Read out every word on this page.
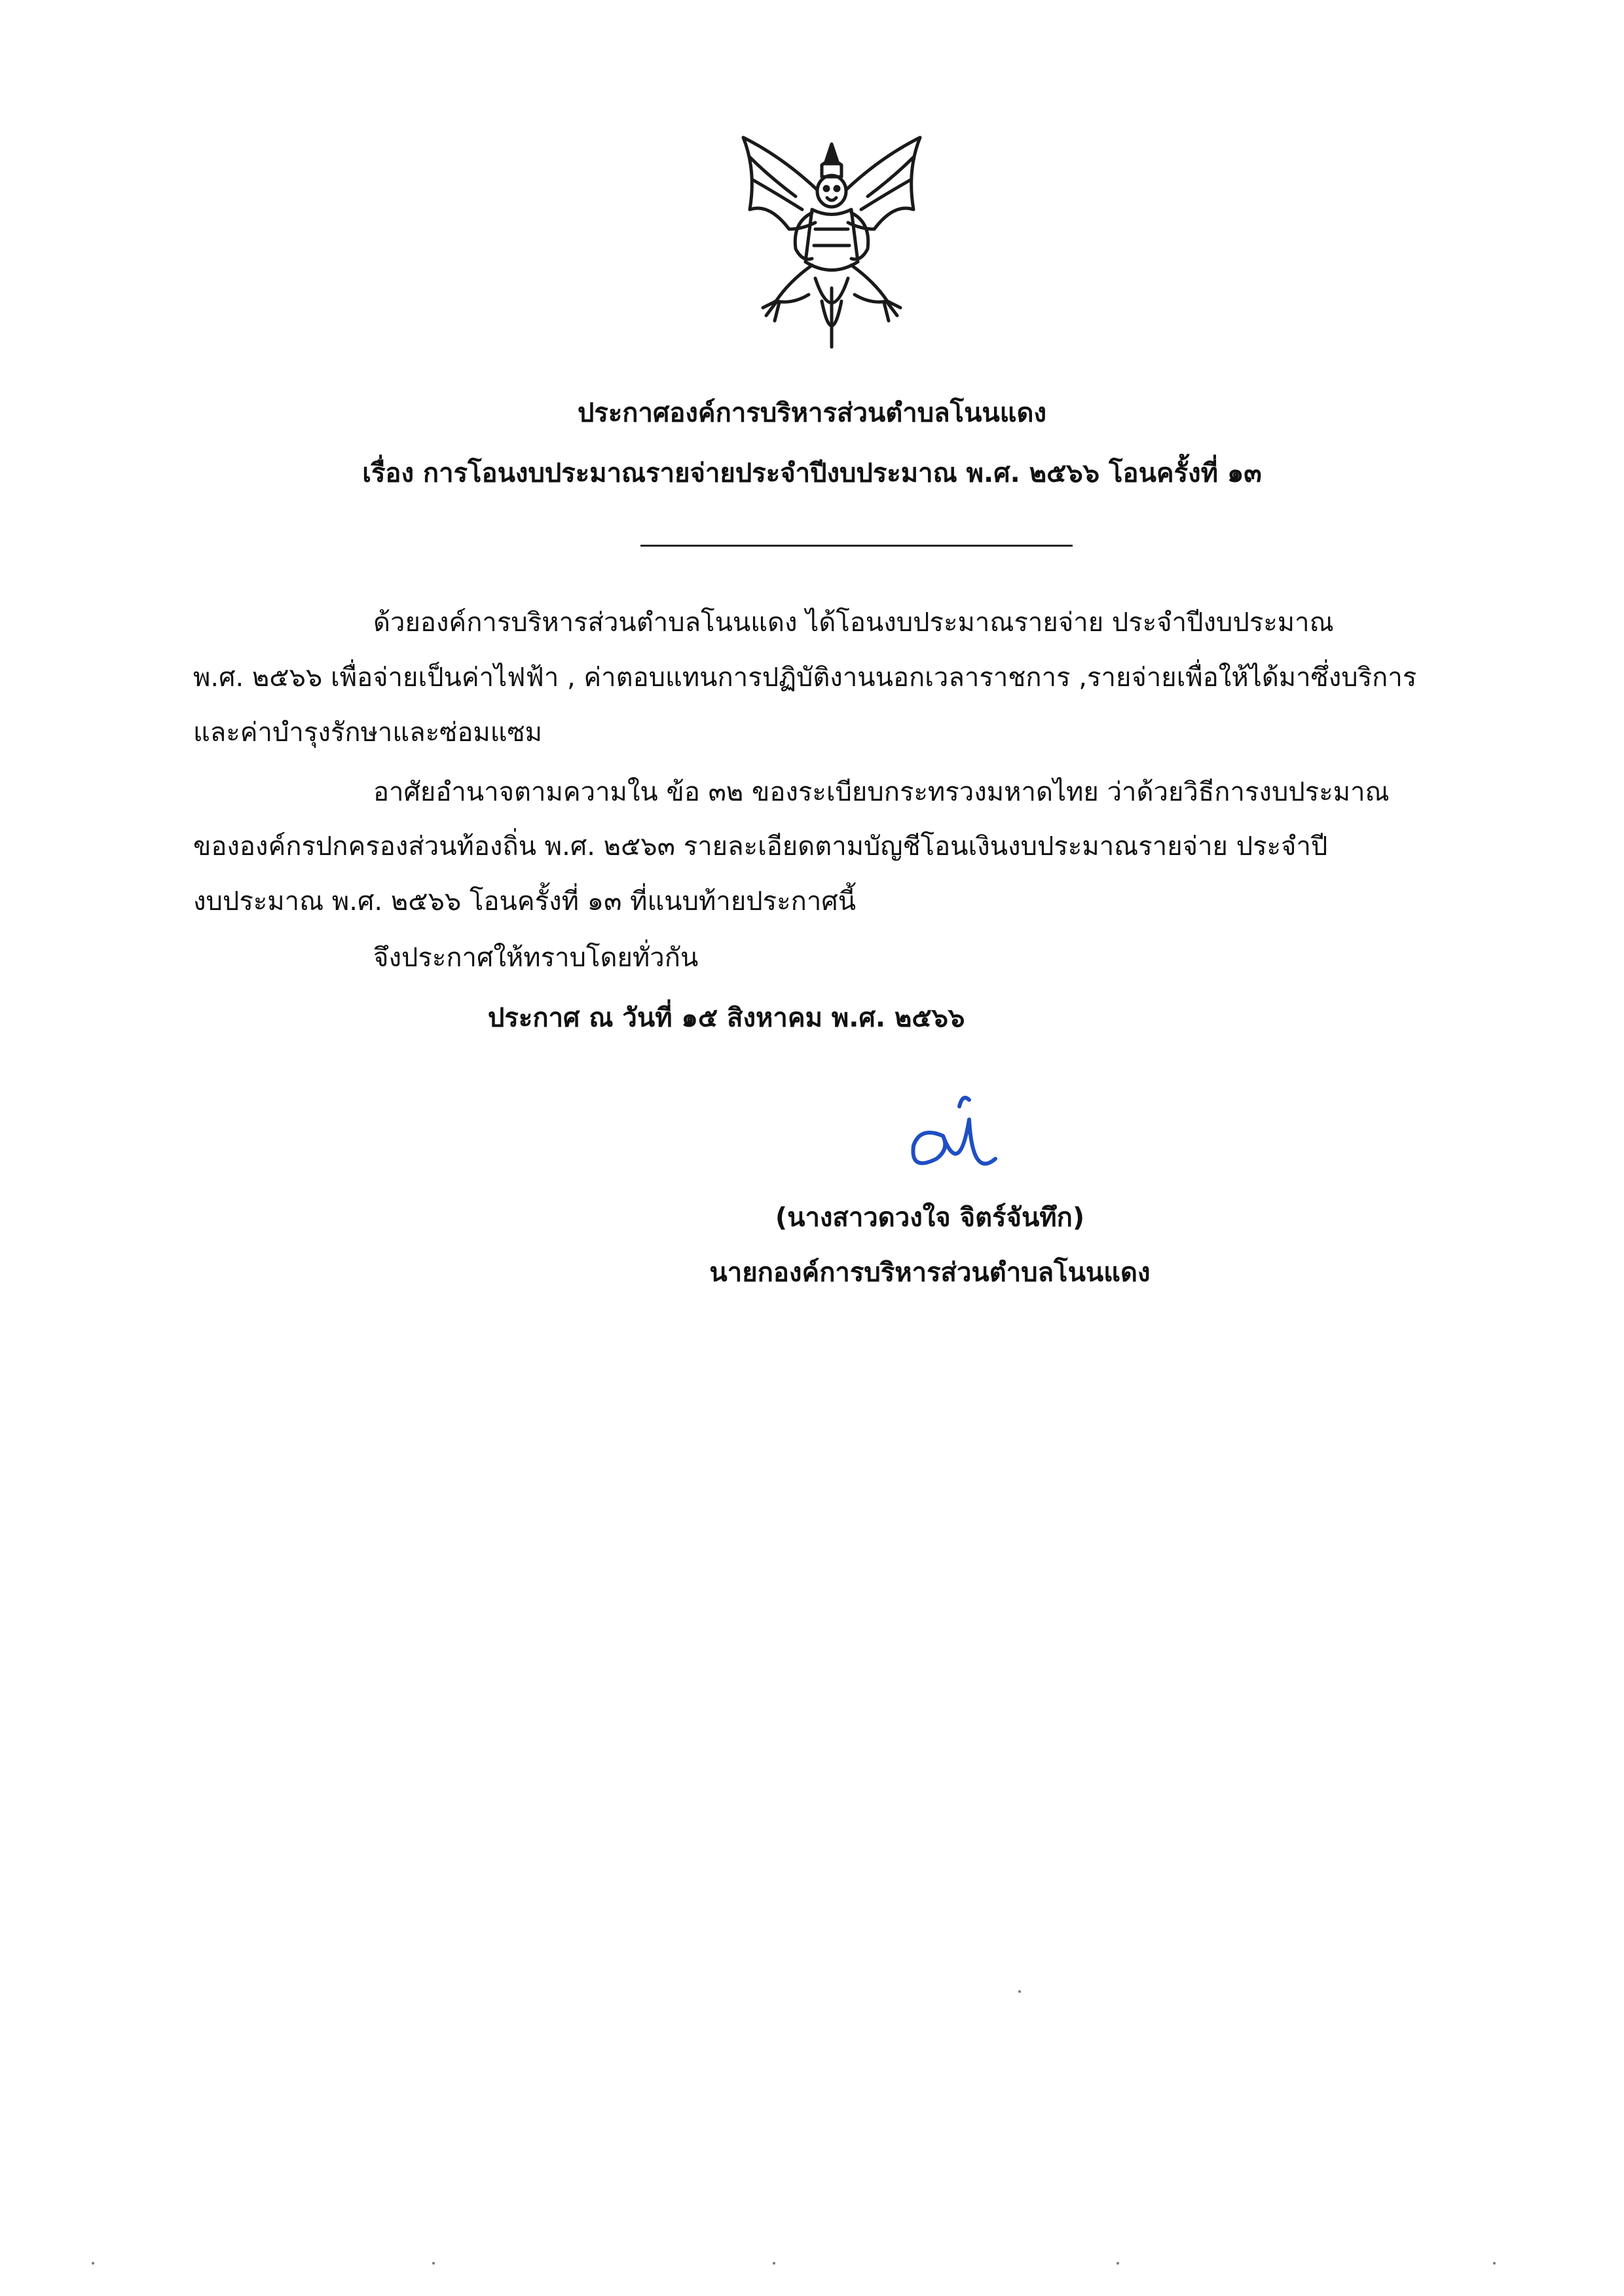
ประกาศองค์การบริหารส่วนตำบลโนนแดง
เรื่อง การโอนงบประมาณรายจ่ายประจำปีงบประมาณ พ.ศ. ๒๕๖๖ โอนครั้งที่ ๑๓
ด้วยองค์การบริหารส่วนตำบลโนนแดง ได้โอนงบประมาณรายจ่าย ประจำปีงบประมาณ
พ.ศ. ๒๕๖๖ เพื่อจ่ายเป็นค่าไฟฟ้า , ค่าตอบแทนการปฏิบัติงานนอกเวลาราชการ ,รายจ่ายเพื่อให้ได้มาซึ่งบริการ
และค่าบำรุงรักษาและซ่อมแซม
อาศัยอำนาจตามความใน ข้อ ๓๒ ของระเบียบกระทรวงมหาดไทย ว่าด้วยวิธีการงบประมาณ
ขององค์กรปกครองส่วนท้องถิ่น พ.ศ. ๒๕๖๓ รายละเอียดตามบัญชีโอนเงินงบประมาณรายจ่าย ประจำปี
งบประมาณ พ.ศ. ๒๕๖๖ โอนครั้งที่ ๑๓ ที่แนบท้ายประกาศนี้
จึงประกาศให้ทราบโดยทั่วกัน
ประกาศ ณ วันที่ ๑๕ สิงหาคม พ.ศ. ๒๕๖๖
(นางสาวดวงใจ จิตร์จันทึก)
นายกองค์การบริหารส่วนตำบลโนนแดง
